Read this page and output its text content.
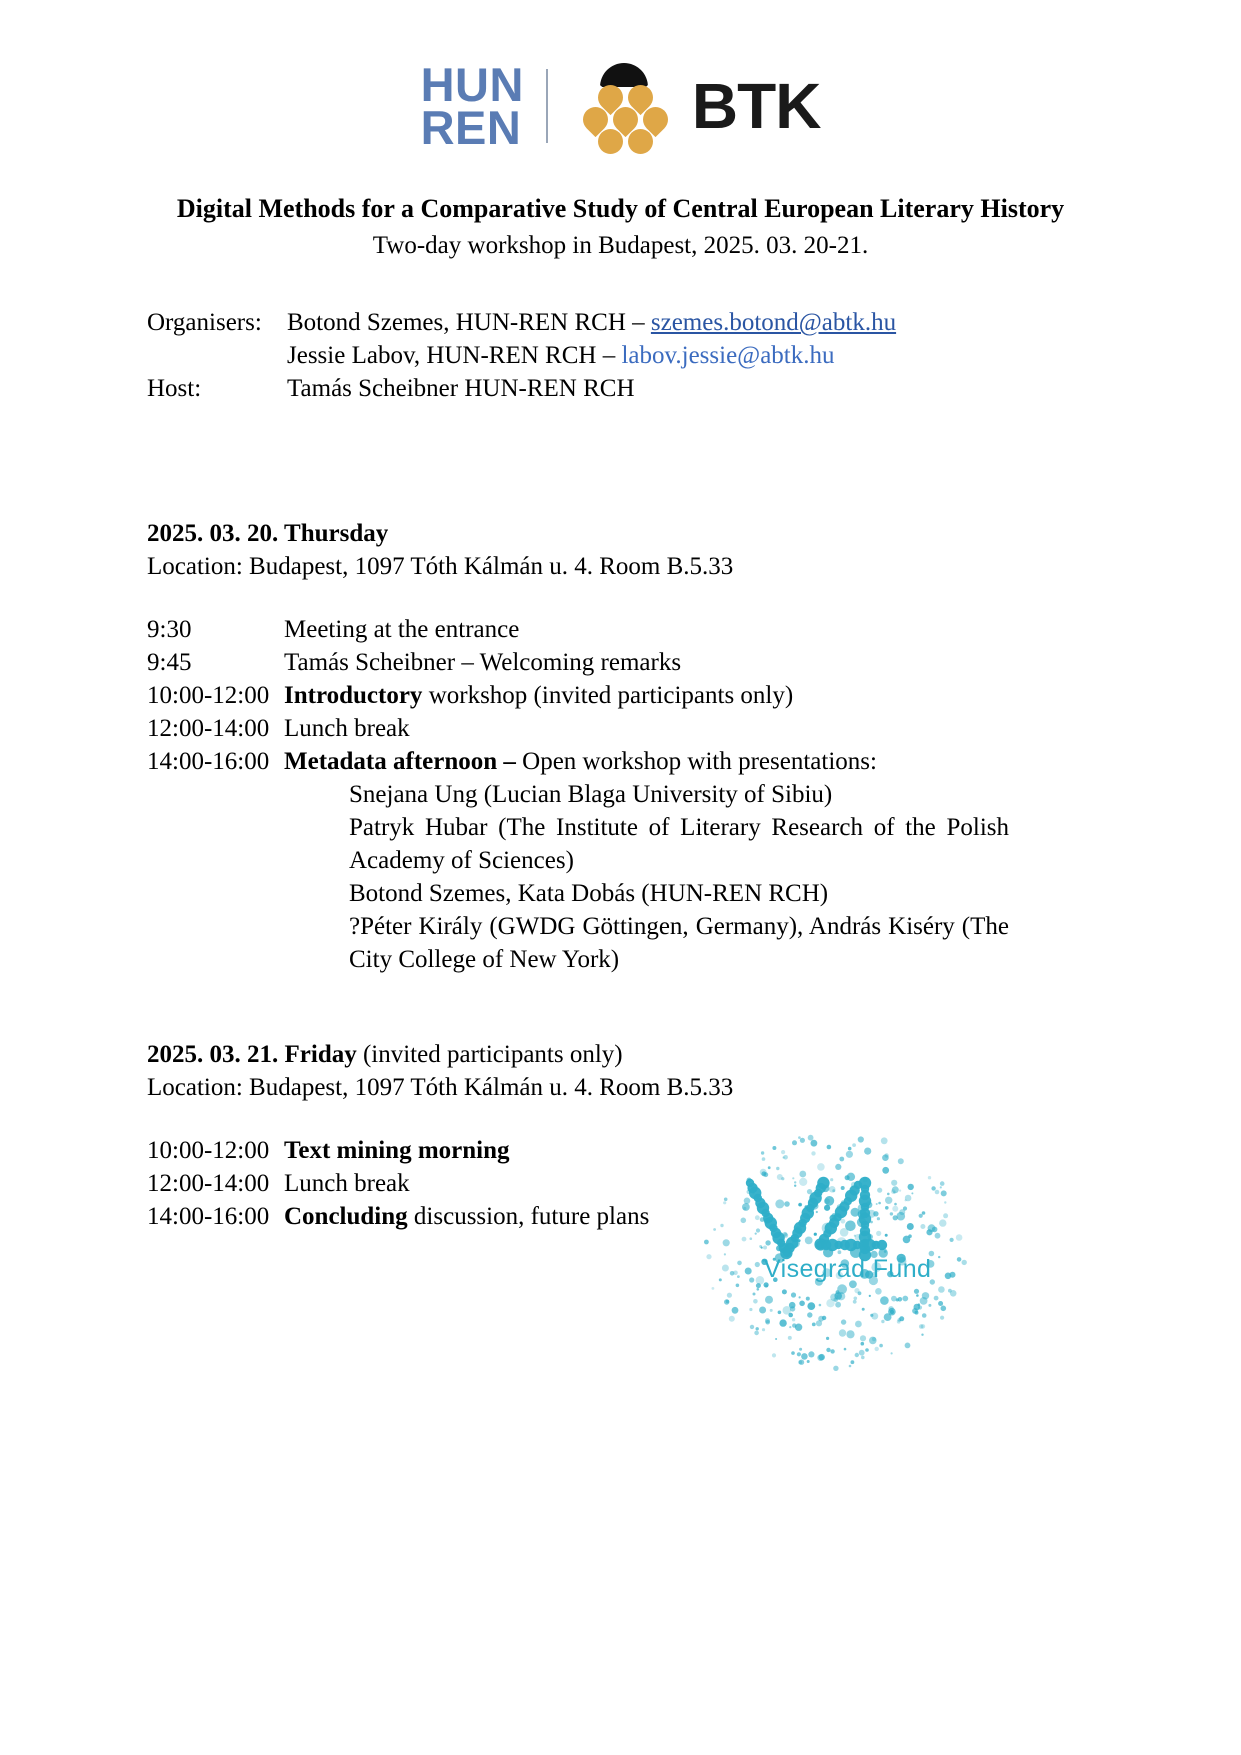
HUN
REN	BTK
Digital Methods for a Comparative Study of Central European Literary History
Two-day workshop in Budapest, 2025. 03. 20-21.
Organisers:	Botond Szemes, HUN-REN RCH – szemes.botond@abtk.hu
	Jessie Labov, HUN-REN RCH – labov.jessie@abtk.hu
Host:	Tamás Scheibner HUN-REN RCH
2025. 03. 20. Thursday
Location: Budapest, 1097 Tóth Kálmán u. 4. Room B.5.33
9:30	Meeting at the entrance
9:45	Tamás Scheibner – Welcoming remarks
10:00-12:00	Introductory workshop (invited participants only)
12:00-14:00	Lunch break
14:00-16:00	Metadata afternoon – Open workshop with presentations:

	Snejana Ung (Lucian Blaga University of Sibiu)
Patryk Hubar (The Institute of Literary Research of the Polish Academy of Sciences)
Botond Szemes, Kata Dobás (HUN-REN RCH)
?Péter Király (GWDG Göttingen, Germany), András Kiséry (The City College of New York)
2025. 03. 21. Friday (invited participants only)
Location: Budapest, 1097 Tóth Kálmán u. 4. Room B.5.33
10:00-12:00	Text mining morning
12:00-14:00	Lunch break
14:00-16:00	Concluding discussion, future plans
Visegrad Fund
